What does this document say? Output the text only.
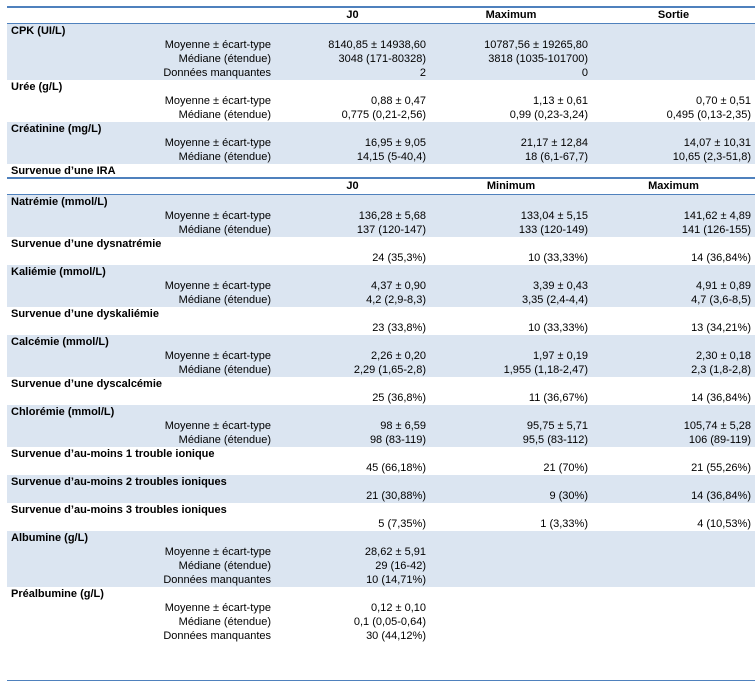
	J0	Maximum	Sortie
CPK (UI/L)			
Moyenne ± écart-type	8140,85 ± 14938,60	10787,56 ± 19265,80	
Médiane (étendue)	3048 (171-80328)	3818 (1035-101700)	
Données manquantes	2	0	
Urée (g/L)			
Moyenne ± écart-type	0,88 ± 0,47	1,13 ± 0,61	0,70 ± 0,51
Médiane (étendue)	0,775 (0,21-2,56)	0,99 (0,23-3,24)	0,495 (0,13-2,35)
Créatinine (mg/L)			
Moyenne ± écart-type	16,95 ± 9,05	21,17 ± 12,84	14,07 ± 10,31
Médiane (étendue)	14,15 (5-40,4)	18 (6,1-67,7)	10,65 (2,3-51,8)
Survenue d’une IRA			

	J0	Minimum	Maximum
Natrémie (mmol/L)			
Moyenne ± écart-type	136,28 ± 5,68	133,04 ± 5,15	141,62 ± 4,89
Médiane (étendue)	137 (120-147)	133 (120-149)	141 (126-155)
Survenue d’une dysnatrémie			
	24 (35,3%)	10 (33,33%)	14 (36,84%)
Kaliémie (mmol/L)			
Moyenne ± écart-type	4,37 ± 0,90	3,39 ± 0,43	4,91 ± 0,89
Médiane (étendue)	4,2 (2,9-8,3)	3,35 (2,4-4,4)	4,7 (3,6-8,5)
Survenue d’une dyskaliémie			
	23 (33,8%)	10 (33,33%)	13 (34,21%)
Calcémie (mmol/L)			
Moyenne ± écart-type	2,26 ± 0,20	1,97 ± 0,19	2,30 ± 0,18
Médiane (étendue)	2,29 (1,65-2,8)	1,955 (1,18-2,47)	2,3 (1,8-2,8)
Survenue d’une dyscalcémie			
	25 (36,8%)	11 (36,67%)	14 (36,84%)
Chlorémie (mmol/L)			
Moyenne ± écart-type	98 ± 6,59	95,75 ± 5,71	105,74 ± 5,28
Médiane (étendue)	98 (83-119)	95,5 (83-112)	106 (89-119)
Survenue d’au-moins 1 trouble ionique			
	45 (66,18%)	21 (70%)	21 (55,26%)
Survenue d’au-moins 2 troubles ioniques			
	21 (30,88%)	9 (30%)	14 (36,84%)
Survenue d’au-moins 3 troubles ioniques			
	5 (7,35%)	1 (3,33%)	4 (10,53%)
Albumine (g/L)			
Moyenne ± écart-type	28,62 ± 5,91		
Médiane (étendue)	29 (16-42)		
Données manquantes	10 (14,71%)		
Préalbumine (g/L)			
Moyenne ± écart-type	0,12 ± 0,10		
Médiane (étendue)	0,1 (0,05-0,64)		
Données manquantes	30 (44,12%)		
